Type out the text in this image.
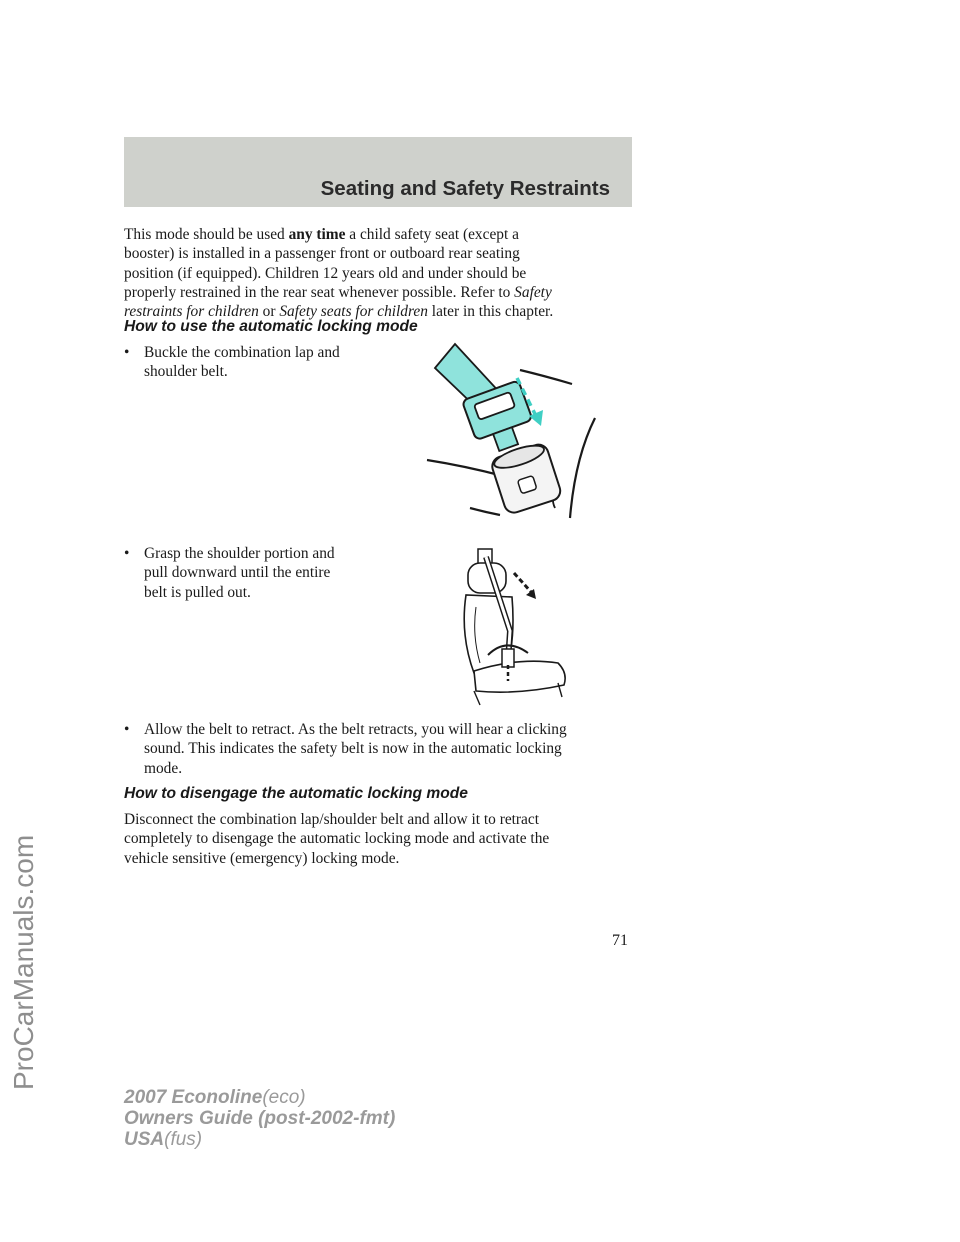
Seating and Safety Restraints
ProCarManuals.com
This mode should be used any time a child safety seat (except a
booster) is installed in a passenger front or outboard rear seating
position (if equipped). Children 12 years old and under should be
properly restrained in the rear seat whenever possible. Refer to Safety
restraints for children or Safety seats for children later in this chapter.
How to use the automatic locking mode
• Buckle the combination lap and
shoulder belt.
• Grasp the shoulder portion and
pull downward until the entire
belt is pulled out.
• Allow the belt to retract. As the belt retracts, you will hear a clicking
sound. This indicates the safety belt is now in the automatic locking
mode.
How to disengage the automatic locking mode
Disconnect the combination lap/shoulder belt and allow it to retract
completely to disengage the automatic locking mode and activate the
vehicle sensitive (emergency) locking mode.
71
2007 Econoline(eco)
Owners Guide (post-2002-fmt)
USA(fus)
